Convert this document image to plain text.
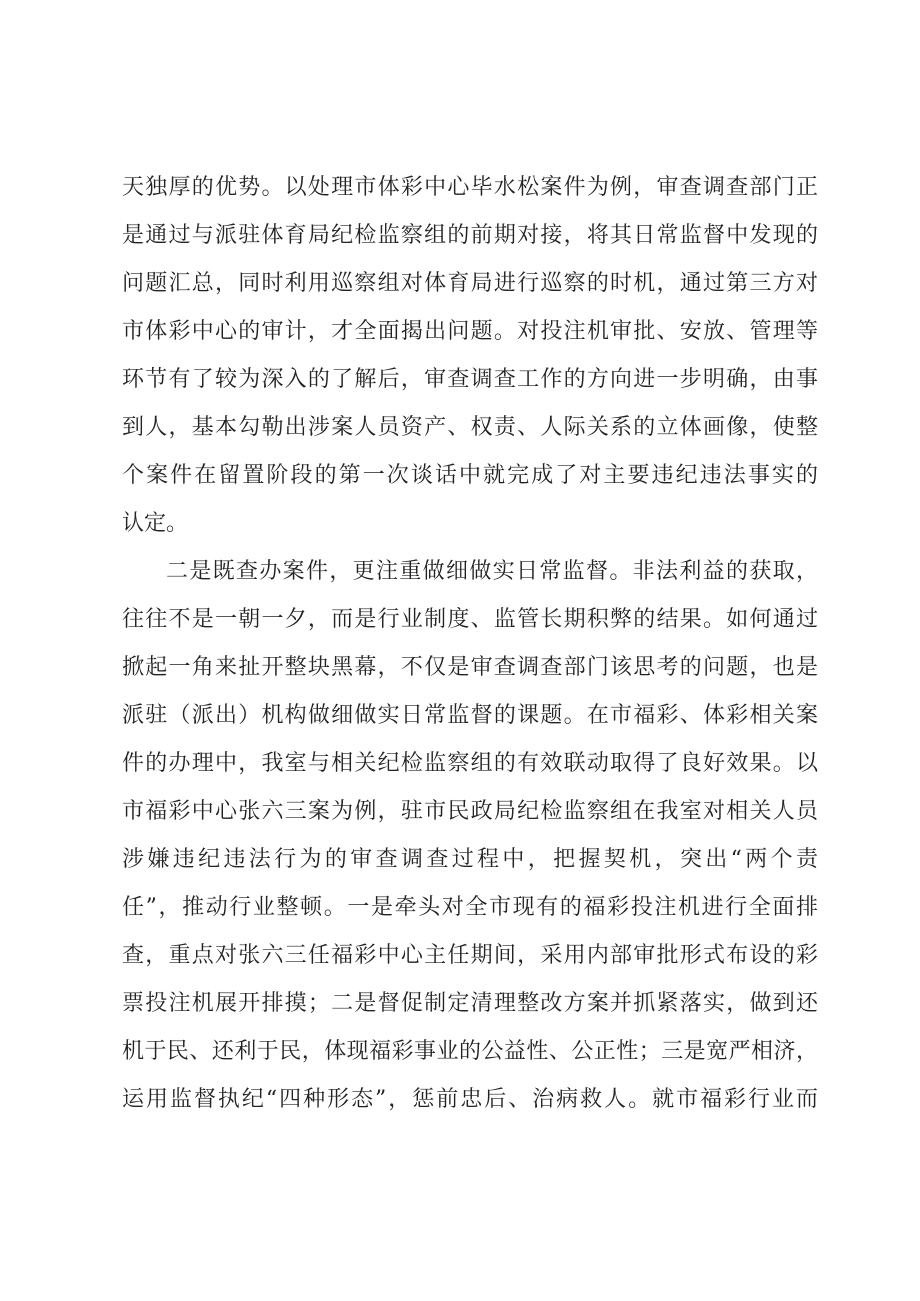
天独厚的优势。以处理市体彩中心毕水松案件为例，审查调查部门正
是通过与派驻体育局纪检监察组的前期对接，将其日常监督中发现的
问题汇总，同时利用巡察组对体育局进行巡察的时机，通过第三方对
市体彩中心的审计，才全面揭出问题。对投注机审批、安放、管理等
环节有了较为深入的了解后，审查调查工作的方向进一步明确，由事
到人，基本勾勒出涉案人员资产、权责、人际关系的立体画像，使整
个案件在留置阶段的第一次谈话中就完成了对主要违纪违法事实的
认定。
二是既查办案件，更注重做细做实日常监督。非法利益的获取，
往往不是一朝一夕，而是行业制度、监管长期积弊的结果。如何通过
掀起一角来扯开整块黑幕，不仅是审查调查部门该思考的问题，也是
派驻（派出）机构做细做实日常监督的课题。在市福彩、体彩相关案
件的办理中，我室与相关纪检监察组的有效联动取得了良好效果。以
市福彩中心张六三案为例，驻市民政局纪检监察组在我室对相关人员
涉嫌违纪违法行为的审查调查过程中，把握契机，突出“两个责
任”，推动行业整顿。一是牵头对全市现有的福彩投注机进行全面排
查，重点对张六三任福彩中心主任期间，采用内部审批形式布设的彩
票投注机展开排摸；二是督促制定清理整改方案并抓紧落实，做到还
机于民、还利于民，体现福彩事业的公益性、公正性；三是宽严相济，
运用监督执纪“四种形态”，惩前忠后、治病救人。就市福彩行业而
